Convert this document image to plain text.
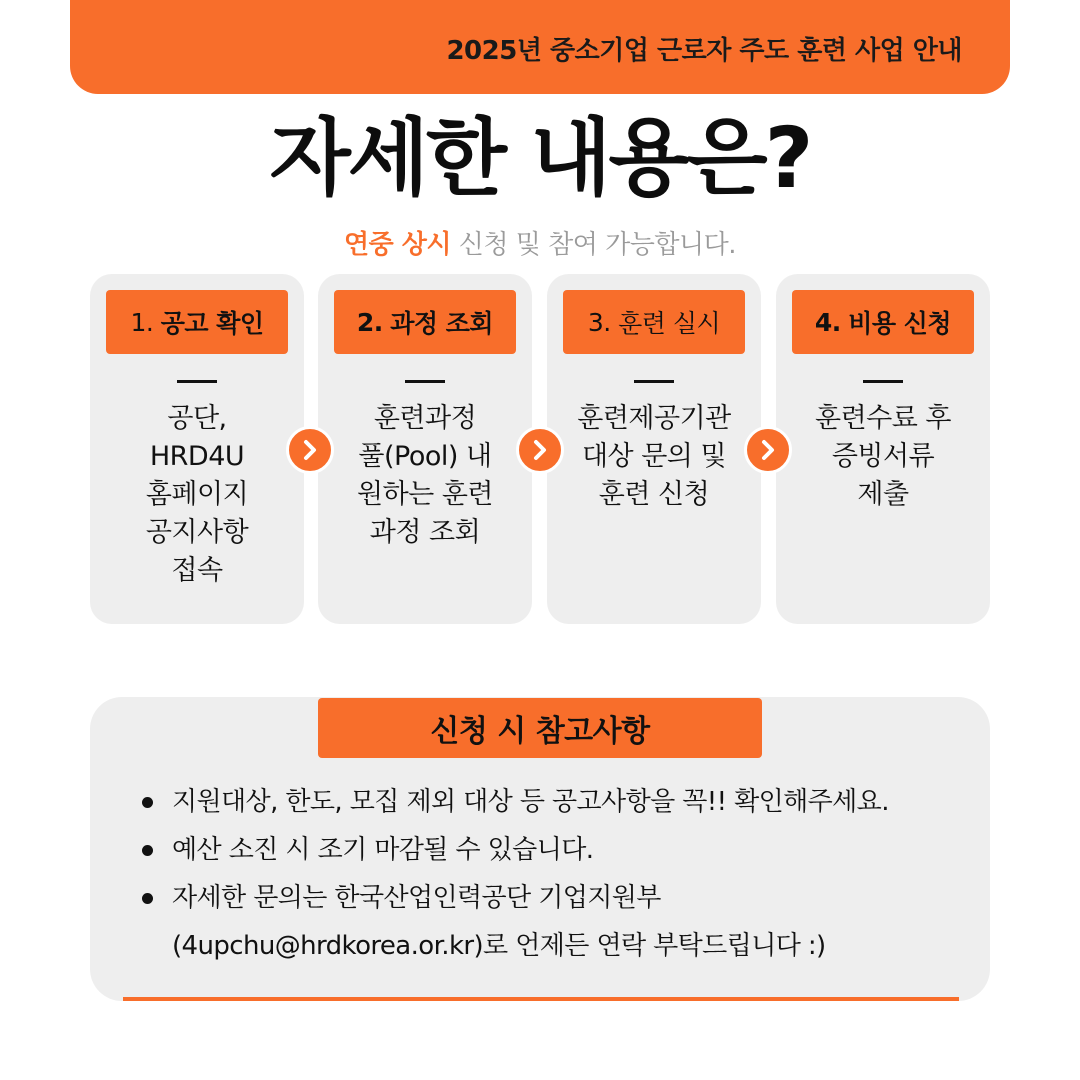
2025년 중소기업 근로자 주도 훈련 사업 안내
자세한 내용은?
연중 상시 신청 및 참여 가능합니다.
1.
공고 확인
공단,
HRD4U
홈페이지
공지사항
접속
2.
과정 조회
훈련과정
풀(Pool) 내
원하는 훈련
과정 조회
3.
훈련 실시
훈련제공기관
대상 문의 및
훈련 신청
4.
비용 신청
훈련수료 후
증빙서류
제출
신청 시 참고사항
지원대상, 한도, 모집 제외 대상 등 공고사항을 꼭!! 확인해주세요.
예산 소진 시 조기 마감될 수 있습니다.
자세한 문의는 한국산업인력공단 기업지원부
(4upchu@hrdkorea.or.kr)로 언제든 연락 부탁드립니다 :)
